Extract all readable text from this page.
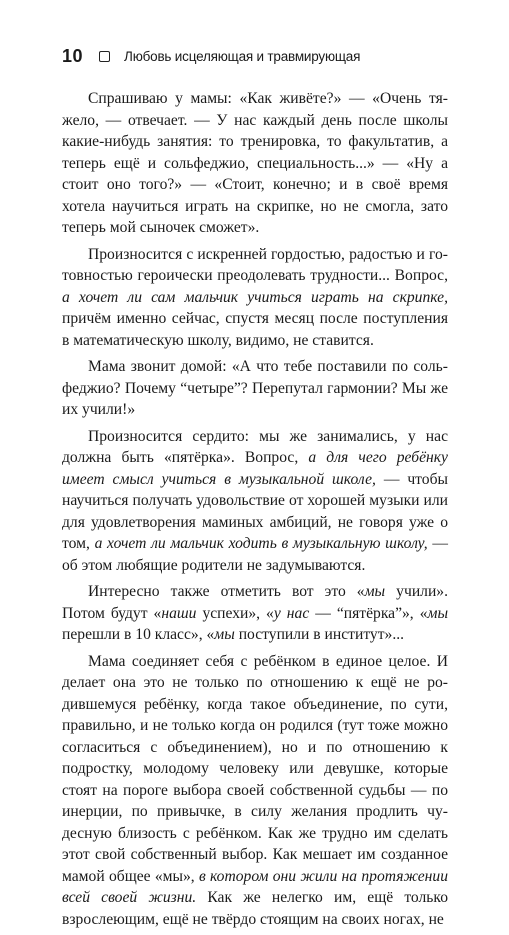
10	Любовь исцеляющая и травмирующая

Спрашиваю у мамы: «Как живёте?» — «Очень тяжело, — отвечает. — У нас каждый день после школы какие-нибудь занятия: то тренировка, то факультатив, а теперь ещё и сольфеджио, специальность...» — «Ну а стоит оно того?» — «Стоит, конечно; и в своё время хотела научиться играть на скрипке, но не смогла, зато теперь мой сыночек сможет».

Произносится с искренней гордостью, радостью и готовностью героически преодолевать трудности... Вопрос, а хочет ли сам мальчик учиться играть на скрипке, причём именно сейчас, спустя месяц после поступления в математическую школу, видимо, не ставится.

Мама звонит домой: «А что тебе поставили по сольфеджио? Почему “четыре”? Перепутал гармонии? Мы же их учили!»

Произносится сердито: мы же занимались, у нас должна быть «пятёрка». Вопрос, а для чего ребёнку имеет смысл учиться в музыкальной школе, — чтобы научиться получать удовольствие от хорошей музыки или для удовлетворения маминых амбиций, не говоря уже о том, а хочет ли мальчик ходить в музыкальную школу, — об этом любящие родители не задумываются.

Интересно также отметить вот это «мы учили». Потом будут «наши успехи», «у нас — “пятёрка”», «мы перешли в 10 класс», «мы поступили в институт»...

Мама соединяет себя с ребёнком в единое целое. И делает она это не только по отношению к ещё не родившемуся ребёнку, когда такое объединение, по сути, правильно, и не только когда он родился (тут тоже можно согласиться с объединением), но и по отношению к подростку, молодому человеку или девушке, которые стоят на пороге выбора своей собственной судьбы — по инерции, по привычке, в силу желания продлить чудесную близость с ребёнком. Как же трудно им сделать этот свой собственный выбор. Как мешает им созданное мамой общее «мы», в котором они жили на протяжении всей своей жизни. Как же нелегко им, ещё только взрослеющим, ещё не твёрдо стоящим на своих ногах, не
